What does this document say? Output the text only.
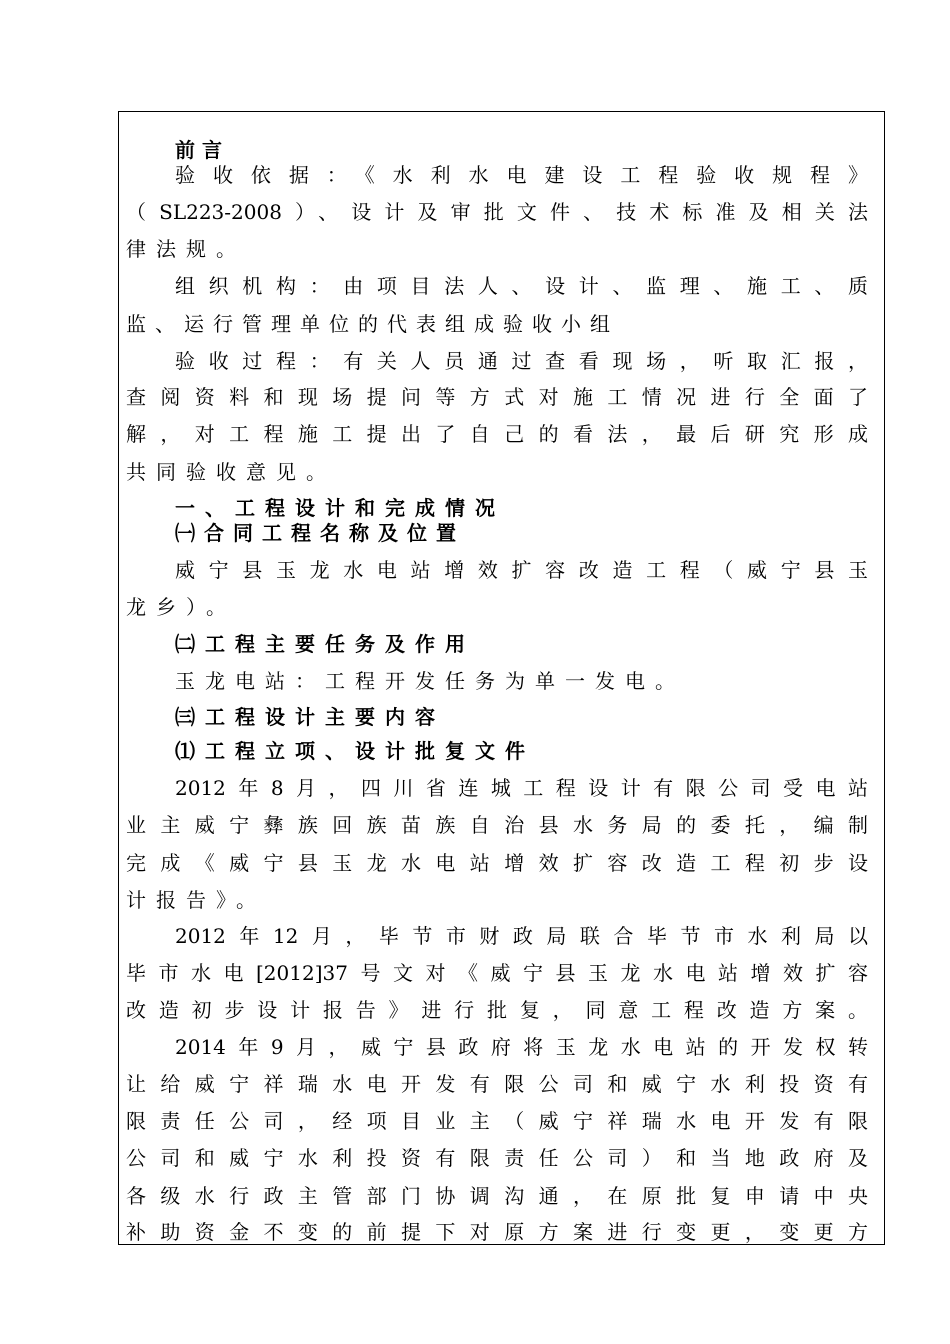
前 言
验收依据：《水利水电建设工程验收规程》
（SL223-2008）、设计及审批文件、技术标准及相关法
律法规。
组织机构：由项目法人、设计、监理、施工、质
监、运行管理单位的代表组成验收小组
验收过程：有关人员通过查看现场，听取汇报，
查阅资料和现场提问等方式对施工情况进行全面了
解，对工程施工提出了自己的看法，最后研究形成
共同验收意见。
一、工程设计和完成情况
㈠合同工程名称及位置
威宁县玉龙水电站增效扩容改造工程（威宁县玉
龙乡）。
㈡工程主要任务及作用
玉龙电站：工程开发任务为单一发电。
㈢工程设计主要内容
⑴工程立项、设计批复文件
2012年8月，四川省连城工程设计有限公司受电站
业主威宁彝族回族苗族自治县水务局的委托，编制
完成《威宁县玉龙水电站增效扩容改造工程初步设
计报告》。
2012年12月，毕节市财政局联合毕节市水利局以
毕市水电[2012]37号文对《威宁县玉龙水电站增效扩容
改造初步设计报告》进行批复，同意工程改造方案。
2014年9月，威宁县政府将玉龙水电站的开发权转
让给威宁祥瑞水电开发有限公司和威宁水利投资有
限责任公司，经项目业主（威宁祥瑞水电开发有限
公司和威宁水利投资有限责任公司）和当地政府及
各级水行政主管部门协调沟通，在原批复申请中央
补助资金不变的前提下对原方案进行变更，变更方
